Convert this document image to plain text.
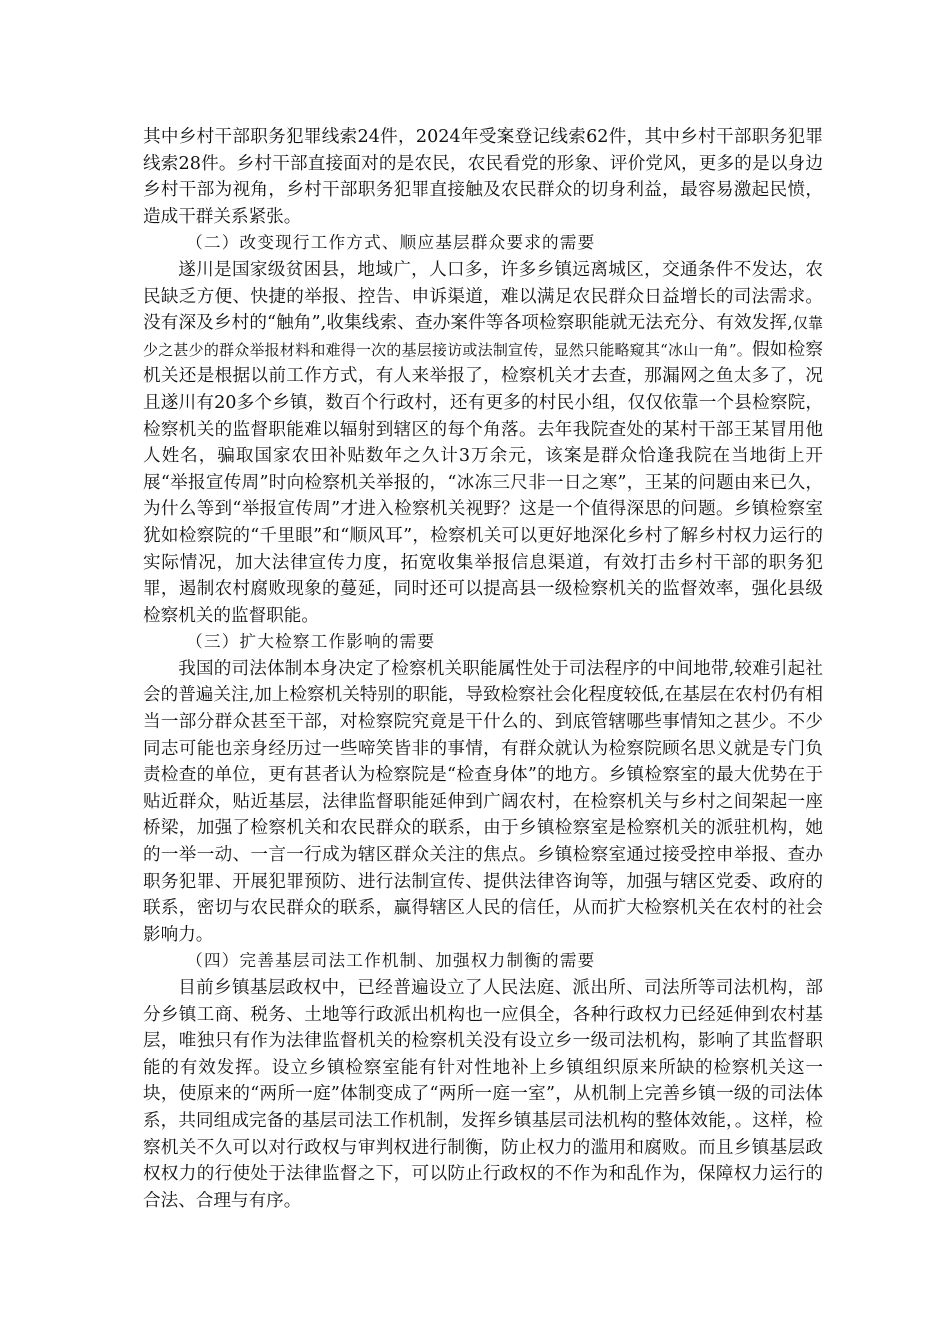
其中乡村干部职务犯罪线索24件，2024年受案登记线索62件，其中乡村干部职务犯罪线索28件。乡村干部直接面对的是农民，农民看党的形象、评价党风，更多的是以身边乡村干部为视角，乡村干部职务犯罪直接触及农民群众的切身利益，最容易激起民愤，造成干群关系紧张。

（二）改变现行工作方式、顺应基层群众要求的需要

遂川是国家级贫困县，地域广，人口多，许多乡镇远离城区，交通条件不发达，农民缺乏方便、快捷的举报、控告、申诉渠道，难以满足农民群众日益增长的司法需求。没有深及乡村的“触角”,收集线索、查办案件等各项检察职能就无法充分、有效发挥,仅靠少之甚少的群众举报材料和难得一次的基层接访或法制宣传，显然只能略窥其“冰山一角”。假如检察机关还是根据以前工作方式，有人来举报了，检察机关才去查，那漏网之鱼太多了，况且遂川有20多个乡镇，数百个行政村，还有更多的村民小组，仅仅依靠一个县检察院，检察机关的监督职能难以辐射到辖区的每个角落。去年我院查处的某村干部王某冒用他人姓名，骗取国家农田补贴数年之久计3万余元，该案是群众恰逢我院在当地街上开展“举报宣传周”时向检察机关举报的，“冰冻三尺非一日之寒”，王某的问题由来已久，为什么等到“举报宣传周”才进入检察机关视野？这是一个值得深思的问题。乡镇检察室犹如检察院的“千里眼”和“顺风耳”，检察机关可以更好地深化乡村了解乡村权力运行的实际情况，加大法律宣传力度，拓宽收集举报信息渠道，有效打击乡村干部的职务犯罪，遏制农村腐败现象的蔓延，同时还可以提高县一级检察机关的监督效率，强化县级检察机关的监督职能。

（三）扩大检察工作影响的需要

我国的司法体制本身决定了检察机关职能属性处于司法程序的中间地带,较难引起社会的普遍关注,加上检察机关特别的职能，导致检察社会化程度较低,在基层在农村仍有相当一部分群众甚至干部，对检察院究竟是干什么的、到底管辖哪些事情知之甚少。不少同志可能也亲身经历过一些啼笑皆非的事情，有群众就认为检察院顾名思义就是专门负责检查的单位，更有甚者认为检察院是“检查身体”的地方。乡镇检察室的最大优势在于贴近群众，贴近基层，法律监督职能延伸到广阔农村，在检察机关与乡村之间架起一座桥梁，加强了检察机关和农民群众的联系，由于乡镇检察室是检察机关的派驻机构，她的一举一动、一言一行成为辖区群众关注的焦点。乡镇检察室通过接受控申举报、查办职务犯罪、开展犯罪预防、进行法制宣传、提供法律咨询等，加强与辖区党委、政府的联系，密切与农民群众的联系，赢得辖区人民的信任，从而扩大检察机关在农村的社会影响力。

（四）完善基层司法工作机制、加强权力制衡的需要

目前乡镇基层政权中，已经普遍设立了人民法庭、派出所、司法所等司法机构，部分乡镇工商、税务、土地等行政派出机构也一应俱全，各种行政权力已经延伸到农村基层，唯独只有作为法律监督机关的检察机关没有设立乡一级司法机构，影响了其监督职能的有效发挥。设立乡镇检察室能有针对性地补上乡镇组织原来所缺的检察机关这一块，使原来的“两所一庭”体制变成了“两所一庭一室”，从机制上完善乡镇一级的司法体系，共同组成完备的基层司法工作机制，发挥乡镇基层司法机构的整体效能，。这样，检察机关不久可以对行政权与审判权进行制衡，防止权力的滥用和腐败。而且乡镇基层政权权力的行使处于法律监督之下，可以防止行政权的不作为和乱作为，保障权力运行的合法、合理与有序。
